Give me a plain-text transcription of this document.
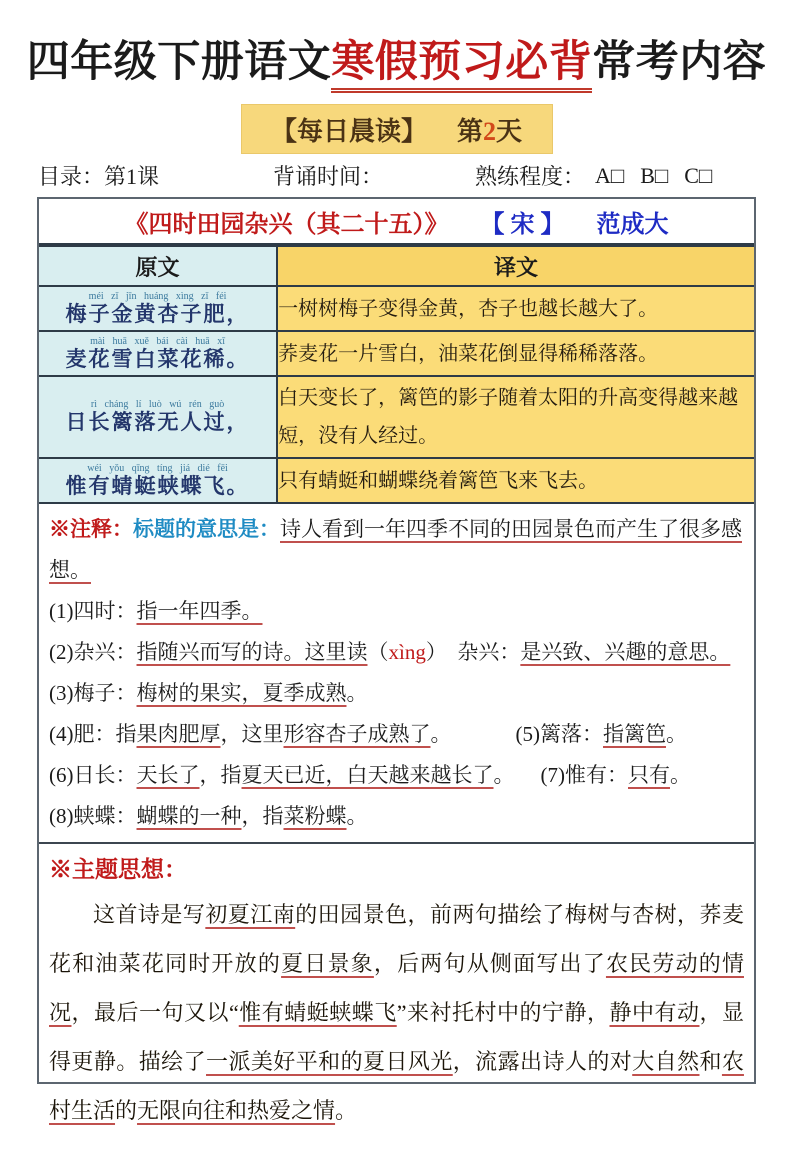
四年级下册语文寒假预习必背常考内容
【每日晨读】 第2天
目录：第1课	背诵时间：	熟练程度： A□ B□ C□
《四时田园杂兴（其二十五）》 【 宋 】 范成大
原文	译文

méi zǐ jīn huáng xìng zǐ féi
梅子金黄杏子肥，	一树树梅子变得金黄，杏子也越长越大了。

mài huā xuě bái cài huā xī
麦花雪白菜花稀。	荞麦花一片雪白，油菜花倒显得稀稀落落。

rì cháng lí luò wú rén guò
日长篱落无人过，	白天变长了，篱笆的影子随着太阳的升高变得越来越短，没有人经过。

wéi yǒu qīng tíng jiá dié fēi
惟有蜻蜓蛱蝶飞。	只有蜻蜓和蝴蝶绕着篱笆飞来飞去。

※注释：标题的意思是：诗人看到一年四季不同的田园景色而产生了很多感想。

(1)四时：指一年四季。

(2)杂兴：指随兴而写的诗。这里读（xìng）　杂兴：是兴致、兴趣的意思。

(3)梅子：梅树的果实，夏季成熟。

(4)肥：指果肉肥厚，这里形容杏子成熟了。	(5)篱落：指篱笆。

(6)日长：天长了，指夏天已近，白天越来越长了。 (7)惟有：只有。

(8)蛱蝶：蝴蝶的一种，指菜粉蝶。

※主题思想：

这首诗是写初夏江南的田园景色，前两句描绘了梅树与杏树，荞麦花和油菜花同时开放的夏日景象，后两句从侧面写出了农民劳动的情况，最后一句又以“惟有蜻蜓蛱蝶飞”来衬托村中的宁静，静中有动，显得更静。描绘了一派美好平和的夏日风光，流露出诗人的对大自然和农村生活的无限向往和热爱之情。
